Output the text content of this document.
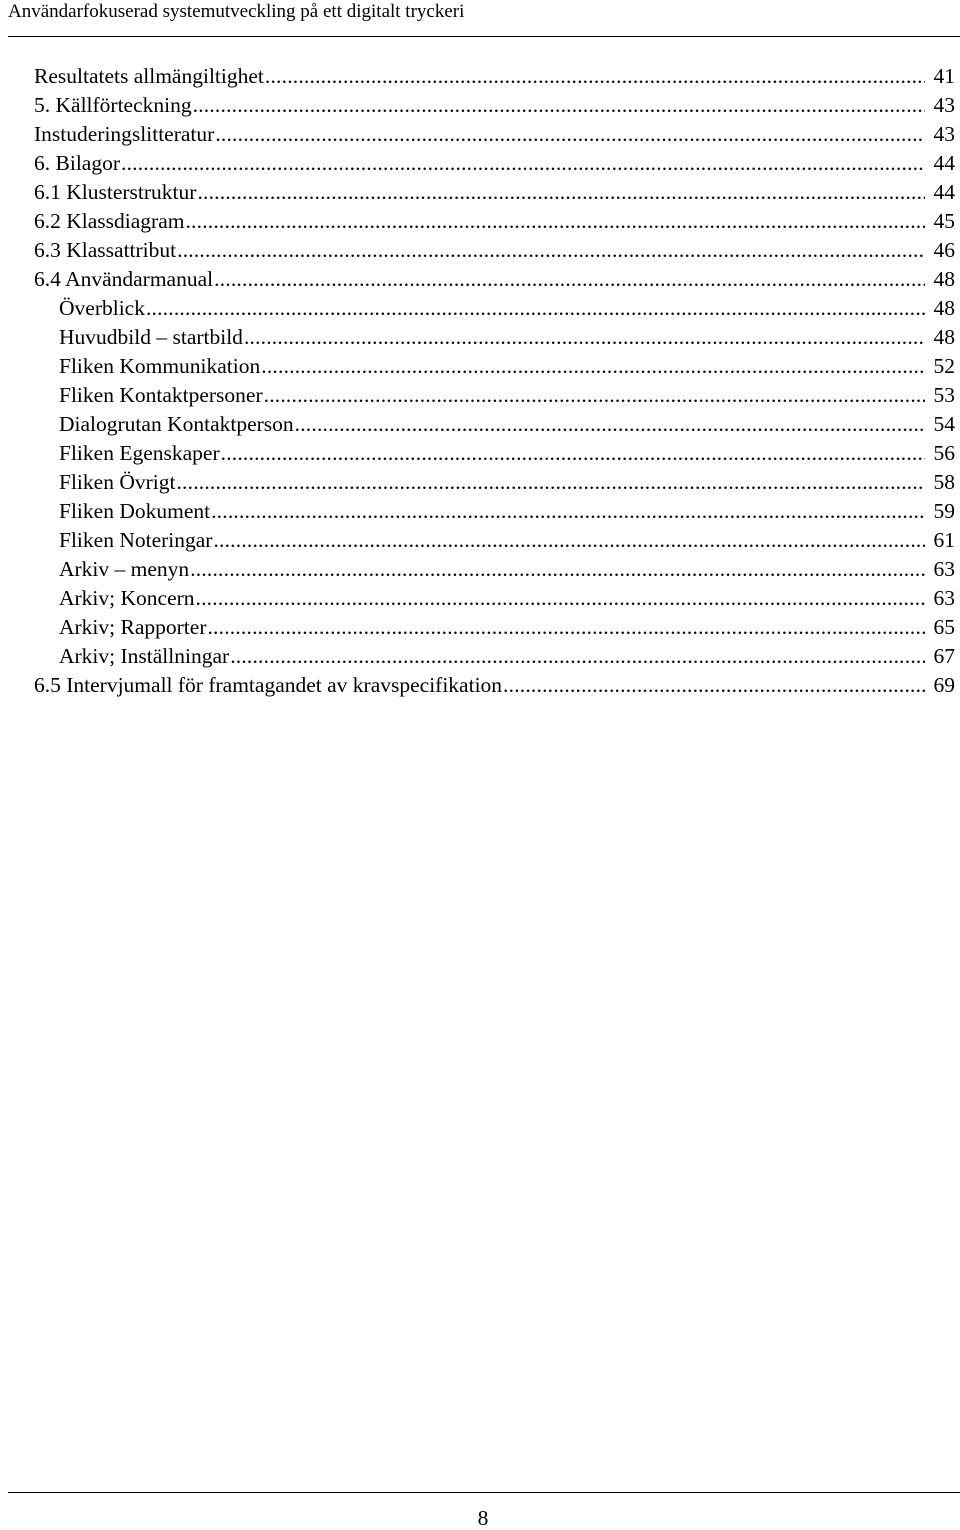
Användarfokuserad systemutveckling på ett digitalt tryckeri
Resultatets allmängiltighet .....	41
5. Källförteckning .....	43
Instuderingslitteratur .....	43
6. Bilagor .....	44
6.1 Klusterstruktur .....	44
6.2 Klassdiagram .....	45
6.3 Klassattribut .....	46
6.4 Användarmanual .....	48
Överblick .....	48
Huvudbild – startbild .....	48
Fliken Kommunikation .....	52
Fliken Kontaktpersoner .....	53
Dialogrutan Kontaktperson .....	54
Fliken Egenskaper .....	56
Fliken Övrigt .....	58
Fliken Dokument .....	59
Fliken Noteringar .....	61
Arkiv – menyn .....	63
Arkiv; Koncern .....	63
Arkiv; Rapporter .....	65
Arkiv; Inställningar .....	67
6.5 Intervjumall för framtagandet av kravspecifikation .....	69
8
